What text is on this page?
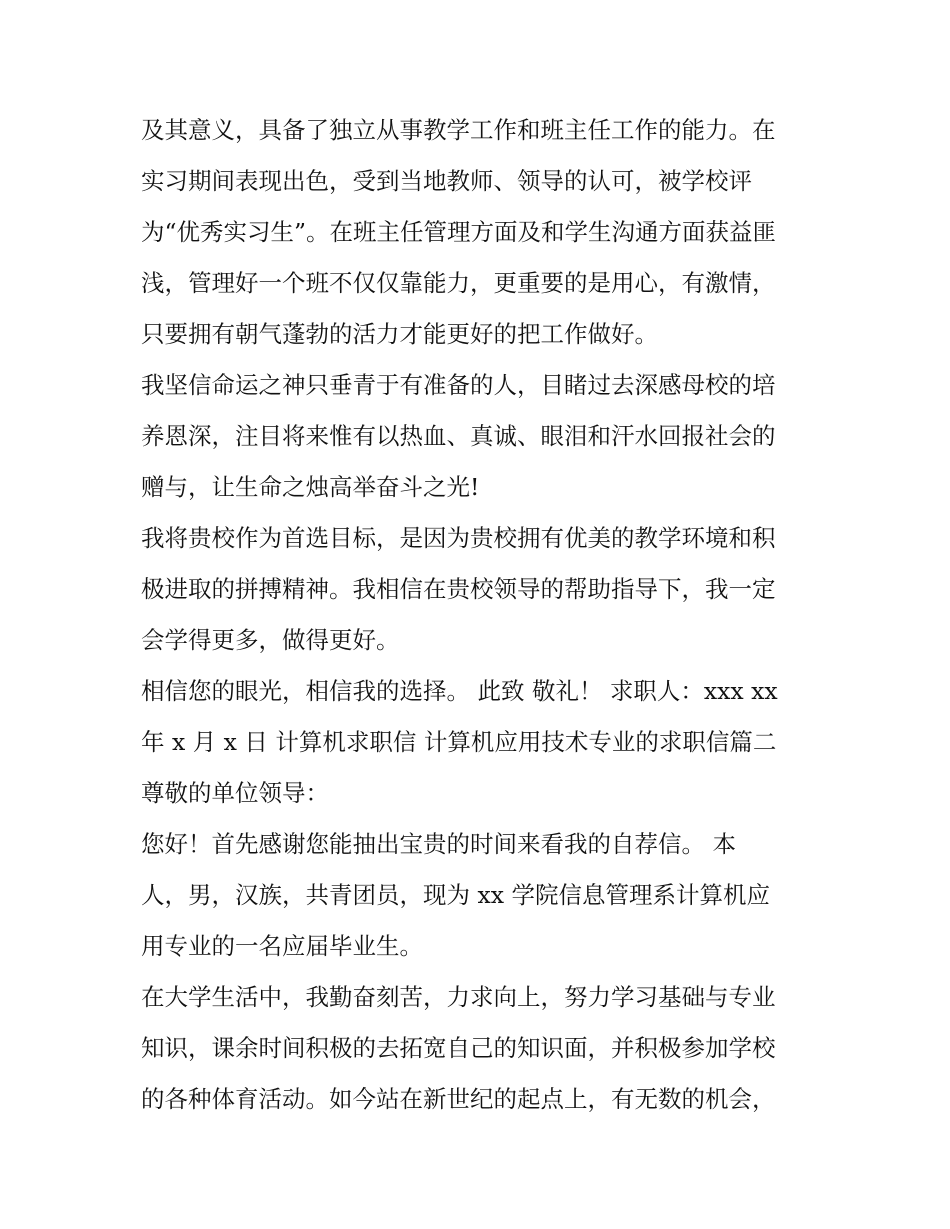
及其意义，具备了独立从事教学工作和班主任工作的能力。在
实习期间表现出色，受到当地教师、领导的认可，被学校评
为“优秀实习生”。在班主任管理方面及和学生沟通方面获益匪
浅，管理好一个班不仅仅靠能力，更重要的是用心，有激情，
只要拥有朝气蓬勃的活力才能更好的把工作做好。
我坚信命运之神只垂青于有准备的人，目睹过去深感母校的培
养恩深，注目将来惟有以热血、真诚、眼泪和汗水回报社会的
赠与，让生命之烛高举奋斗之光!
我将贵校作为首选目标，是因为贵校拥有优美的教学环境和积
极进取的拼搏精神。我相信在贵校领导的帮助指导下，我一定
会学得更多，做得更好。
相信您的眼光，相信我的选择。 此致 敬礼！ 求职人：xxx xx
年 x 月 x 日 计算机求职信 计算机应用技术专业的求职信篇二
尊敬的单位领导：
您好！首先感谢您能抽出宝贵的时间来看我的自荐信。 本
人，男，汉族，共青团员，现为 xx 学院信息管理系计算机应
用专业的一名应届毕业生。
在大学生活中，我勤奋刻苦，力求向上，努力学习基础与专业
知识，课余时间积极的去拓宽自己的知识面，并积极参加学校
的各种体育活动。如今站在新世纪的起点上，有无数的机会，
